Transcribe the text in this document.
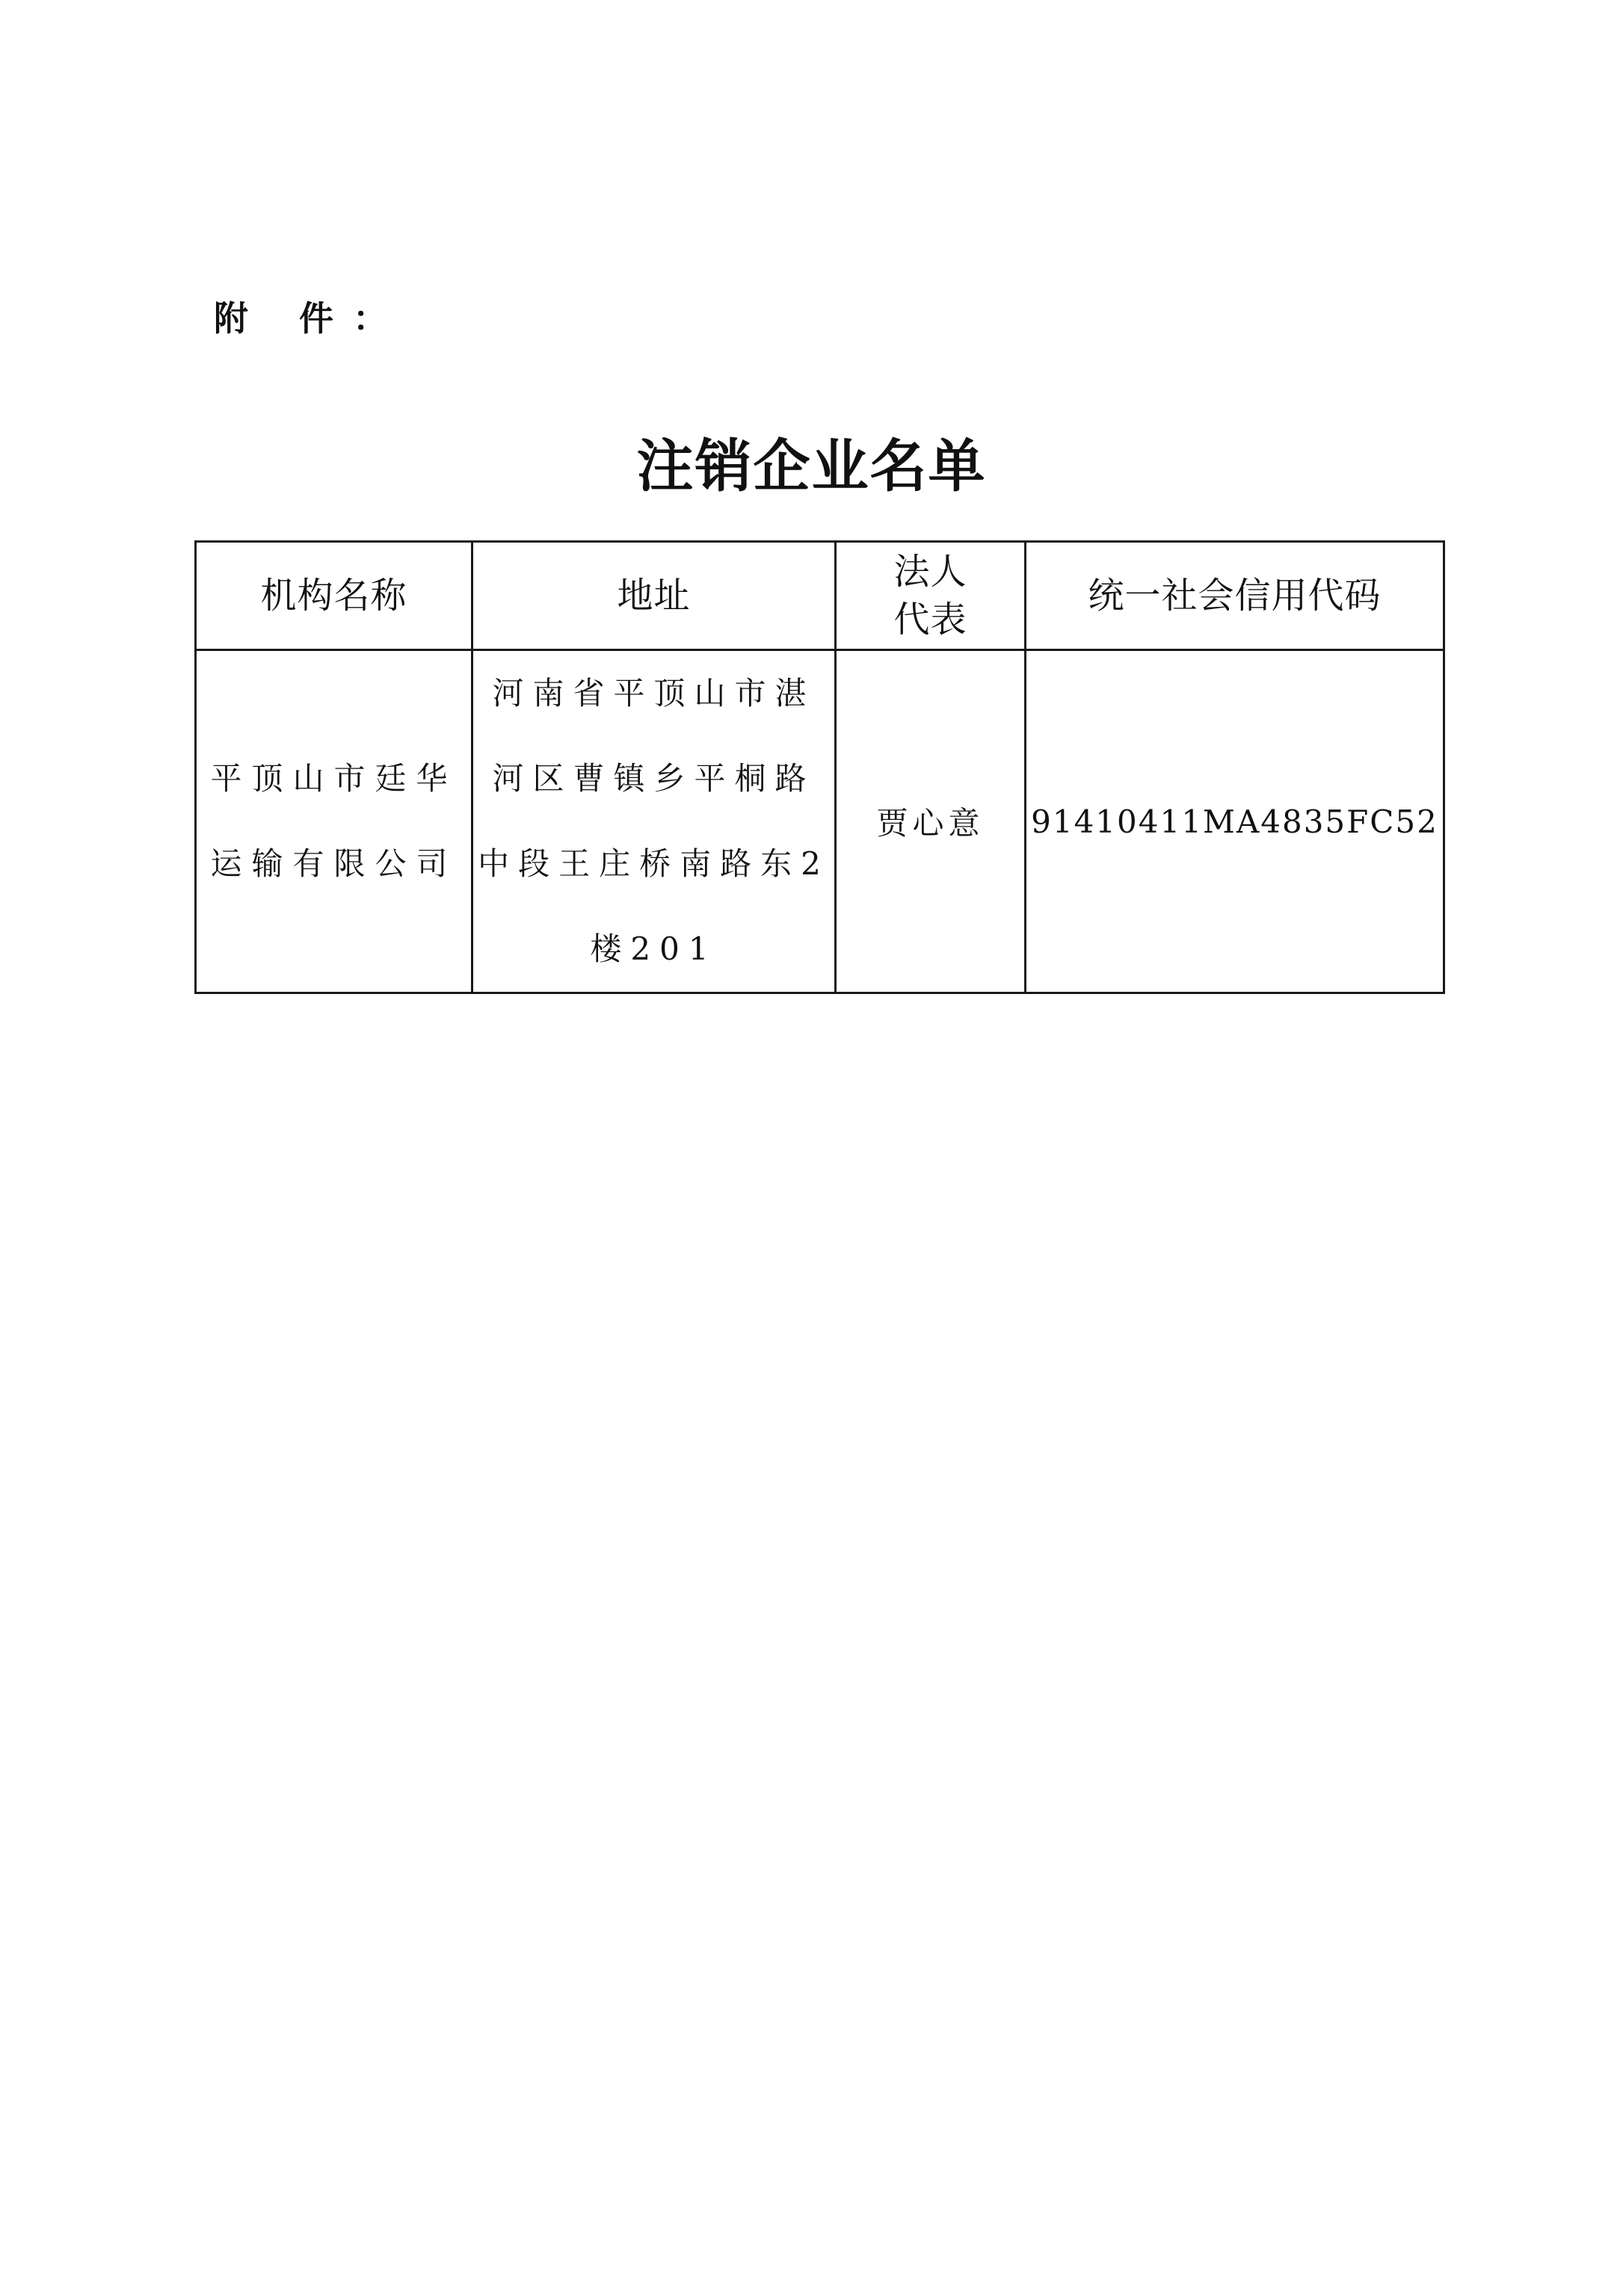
附 件：
注销企业名单
机构名称	地址	法人代表	统一社会信用代码
平顶山市廷华运输有限公司	河南省平顶山市湛河区曹镇乡平桐路中段王庄桥南路东2楼201	贾心意	91410411MA4835FC52
